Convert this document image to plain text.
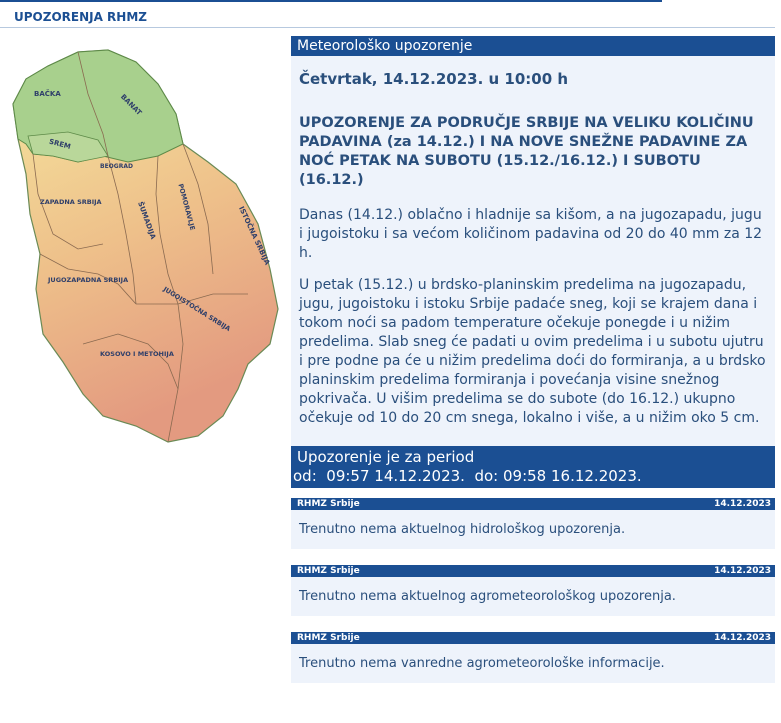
UPOZORENJA RHMZ
BAČKA	BANAT
SREM
BEOGRAD
ZAPADNA SRBIJA	ŠUMADIJA	POMORAVLJE	ISTOČNA SRBIJA
JUGOZAPADNA SRBIJA
JUGOISTOČNA SRBIJA
KOSOVO I METOHIJA
Meteorološko upozorenje
Četvrtak, 14.12.2023. u 10:00 h
UPOZORENJE ZA PODRUČJE SRBIJE NA VELIKU KOLIČINU PADAVINA (za 14.12.) I NA NOVE SNEŽNE PADAVINE ZA NOĆ PETAK NA SUBOTU (15.12./16.12.) I SUBOTU (16.12.)
Danas (14.12.) oblačno i hladnije sa kišom, a na jugozapadu, jugu i jugoistoku i sa većom količinom padavina od 20 do 40 mm za 12 h.
U petak (15.12.) u brdsko-planinskim predelima na jugozapadu, jugu, jugoistoku i istoku Srbije padaće sneg, koji se krajem dana i tokom noći sa padom temperature očekuje ponegde i u nižim predelima. Slab sneg će padati u ovim predelima i u subotu ujutru i pre podne pa će u nižim predelima doći do formiranja, a u brdsko planinskim predelima formiranja i povećanja visine snežnog pokrivača. U višim predelima se do subote (do 16.12.) ukupno očekuje od 10 do 20 cm snega, lokalno i više, a u nižim oko 5 cm.
Upozorenje je za period
od:  09:57 14.12.2023.  do: 09:58 16.12.2023.
RHMZ Srbije	14.12.2023
Trenutno nema aktuelnog hidrološkog upozorenja.
RHMZ Srbije	14.12.2023
Trenutno nema aktuelnog agrometeorološkog upozorenja.
RHMZ Srbije	14.12.2023
Trenutno nema vanredne agrometeorološke informacije.
